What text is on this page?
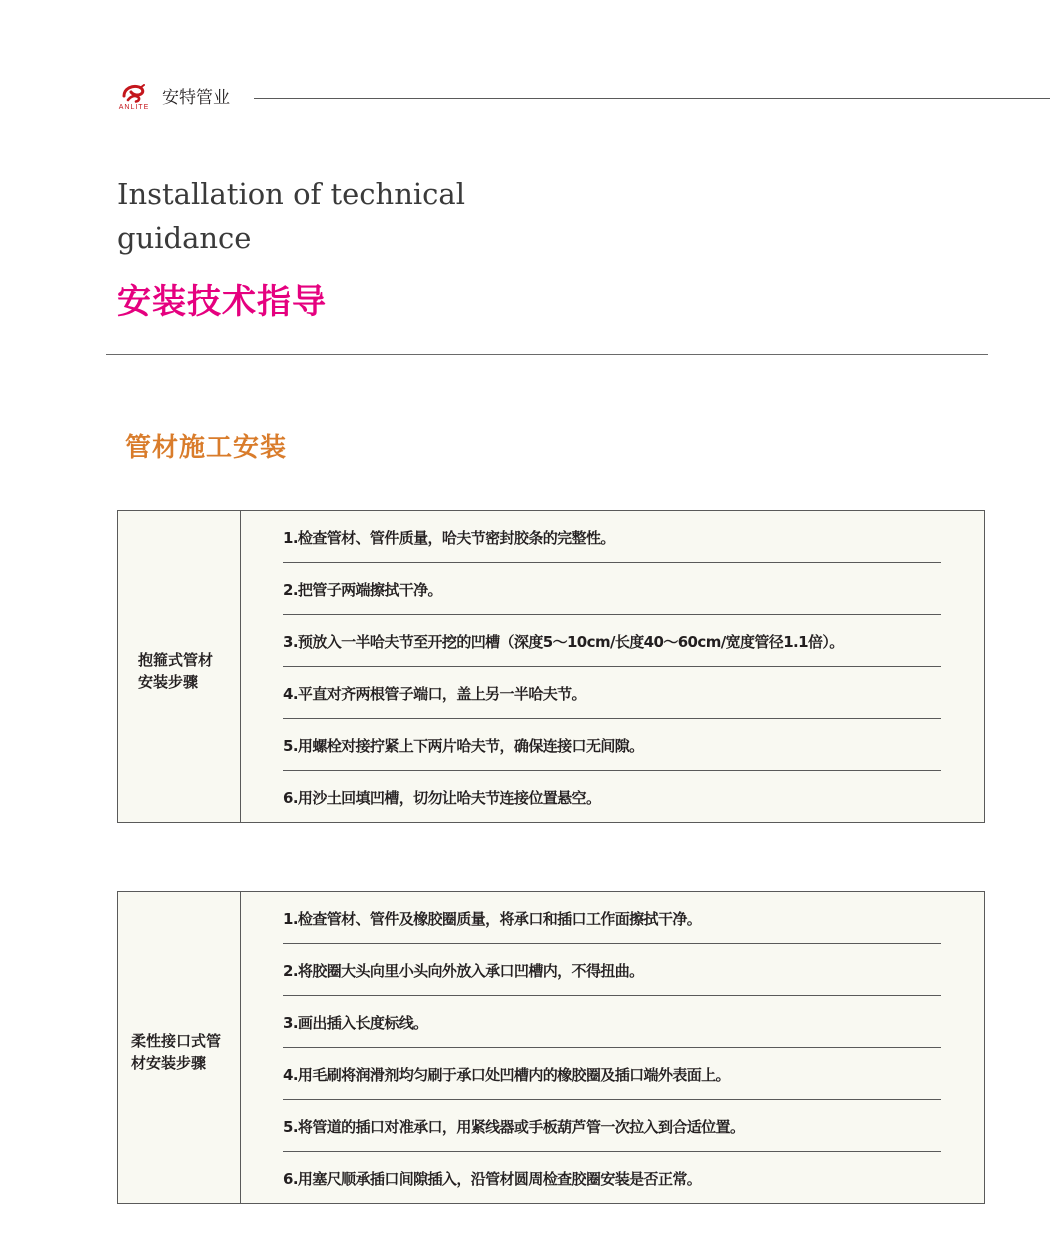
ANLITE 安特管业
Installation of technical guidance
安装技术指导
管材施工安装
抱箍式管材
安装步骤
1.检查管材、管件质量，哈夫节密封胶条的完整性。
2.把管子两端擦拭干净。
3.预放入一半哈夫节至开挖的凹槽（深度5～10cm/长度40～60cm/宽度管径1.1倍）。
4.平直对齐两根管子端口，盖上另一半哈夫节。
5.用螺栓对接拧紧上下两片哈夫节，确保连接口无间隙。
6.用沙土回填凹槽，切勿让哈夫节连接位置悬空。
柔性接口式管
材安装步骤
1.检查管材、管件及橡胶圈质量，将承口和插口工作面擦拭干净。
2.将胶圈大头向里小头向外放入承口凹槽内，不得扭曲。
3.画出插入长度标线。
4.用毛刷将润滑剂均匀刷于承口处凹槽内的橡胶圈及插口端外表面上。
5.将管道的插口对准承口，用紧线器或手板葫芦管一次拉入到合适位置。
6.用塞尺顺承插口间隙插入，沿管材圆周检查胶圈安装是否正常。
